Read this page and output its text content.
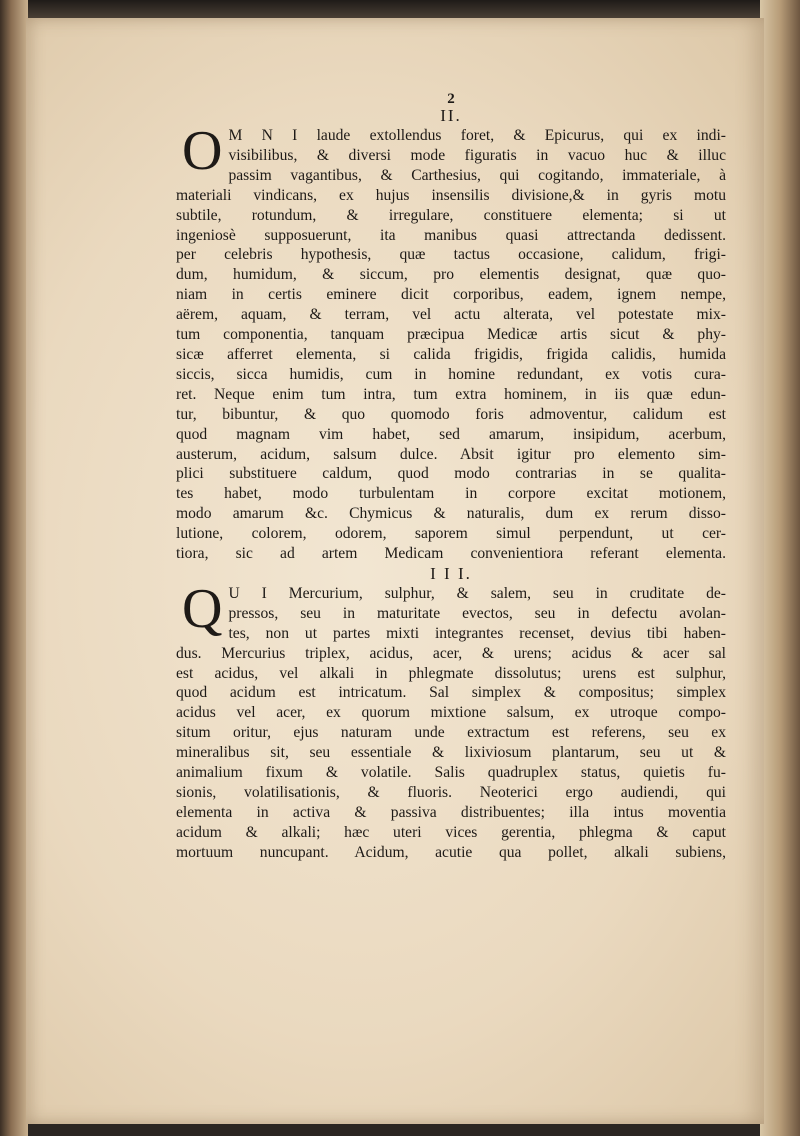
2

II.

O M N I laude extollendus foret, & Epicurus, qui ex indi-
visibilibus, & diversi mode figuratis in vacuo huc & illuc
passim vagantibus, & Carthesius, qui cogitando, immateriale, à
materiali vindicans, ex hujus insensilis divisione,& in gyris motu
subtile, rotundum, & irregulare, constituere elementa; si ut
ingeniosè supposuerunt, ita manibus quasi attrectanda dedissent.
per celebris hypothesis, quæ tactus occasione, calidum, frigi-
dum, humidum, & siccum, pro elementis designat, quæ quo-
niam in certis eminere dicit corporibus, eadem, ignem nempe,
aërem, aquam, & terram, vel actu alterata, vel potestate mix-
tum componentia, tanquam præcipua Medicæ artis sicut & phy-
sicæ afferret elementa, si calida frigidis, frigida calidis, humida
siccis, sicca humidis, cum in homine redundant, ex votis cura-
ret. Neque enim tum intra, tum extra hominem, in iis quæ edun-
tur, bibuntur, & quo quomodo foris admoventur, calidum est
quod magnam vim habet, sed amarum, insipidum, acerbum,
austerum, acidum, salsum dulce. Absit igitur pro elemento sim-
plici substituere caldum, quod modo contrarias in se qualita-
tes habet, modo turbulentam in corpore excitat motionem,
modo amarum &c. Chymicus & naturalis, dum ex rerum disso-
lutione, colorem, odorem, saporem simul perpendunt, ut cer-
tiora, sic ad artem Medicam convenientiora referant elementa.

I I I.

Q U I Mercurium, sulphur, & salem, seu in cruditate de-
pressos, seu in maturitate evectos, seu in defectu avolan-
tes, non ut partes mixti integrantes recenset, devius tibi haben-
dus. Mercurius triplex, acidus, acer, & urens; acidus & acer sal
est acidus, vel alkali in phlegmate dissolutus; urens est sulphur,
quod acidum est intricatum. Sal simplex & compositus; simplex
acidus vel acer, ex quorum mixtione salsum, ex utroque compo-
situm oritur, ejus naturam unde extractum est referens, seu ex
mineralibus sit, seu essentiale & lixiviosum plantarum, seu ut &
animalium fixum & volatile. Salis quadruplex status, quietis fu-
sionis, volatilisationis, & fluoris. Neoterici ergo audiendi, qui
elementa in activa & passiva distribuentes; illa intus moventia
acidum & alkali; hæc uteri vices gerentia, phlegma & caput
mortuum nuncupant. Acidum, acutie qua pollet, alkali subiens,
